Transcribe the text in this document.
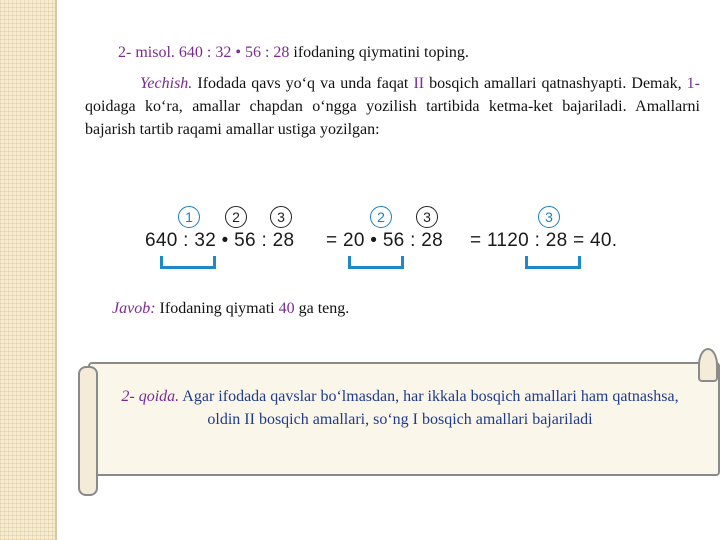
2- misol. 640 : 32 • 56 : 28 ifodaning qiymatini toping.
Yechish. Ifodada qavs yo‘q va unda faqat II bosqich amallari qatnashyapti. Demak, 1- qoidaga ko‘ra, amallar chapdan o‘ngga yozilish tartibida ketma-ket bajariladi. Amallarni bajarish tartib raqami amallar ustiga yozilgan:
1	2	3	2	3	3
640 : 32 • 56 : 28 = 20 • 56 : 28 = 1120 : 28 = 40.
Javob: Ifodaning qiymati 40 ga teng.
2- qoida. Agar ifodada qavslar bo‘lmasdan, har ikkala bosqich amallari ham qatnashsa, oldin II bosqich amallari, so‘ng I bosqich amallari bajariladi
